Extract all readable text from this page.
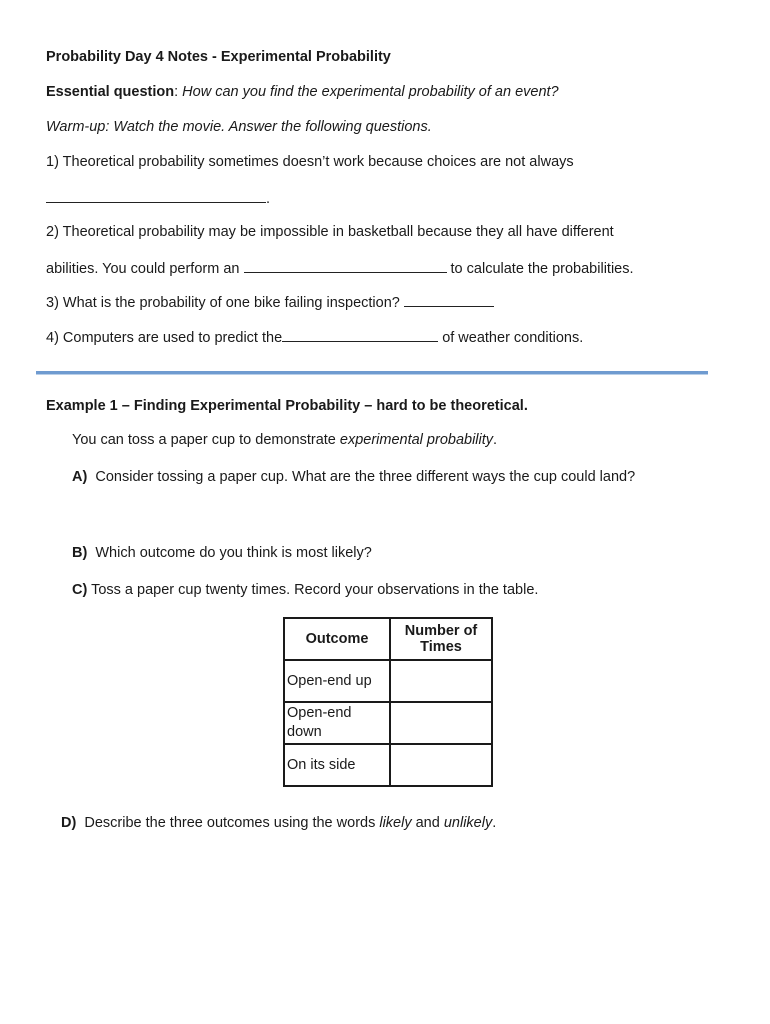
Probability Day 4 Notes - Experimental Probability
Essential question: How can you find the experimental probability of an event?
Warm-up: Watch the movie. Answer the following questions.
1) Theoretical probability sometimes doesn’t work because choices are not always
.
2) Theoretical probability may be impossible in basketball because they all have different
abilities. You could perform an	to calculate the probabilities.
3) What is the probability of one bike failing inspection?
4) Computers are used to predict the	of weather conditions.
Example 1 – Finding Experimental Probability – hard to be theoretical.
You can toss a paper cup to demonstrate experimental probability.
A) Consider tossing a paper cup. What are the three different ways the cup could land?
B) Which outcome do you think is most likely?
C) Toss a paper cup twenty times. Record your observations in the table.
Outcome	Number of Times
Open-end up	
Open-end down	
On its side	
D) Describe the three outcomes using the words likely and unlikely.
